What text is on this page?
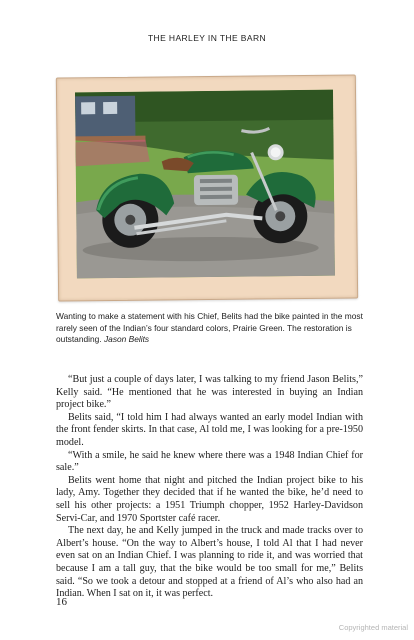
THE HARLEY IN THE BARN
Wanting to make a statement with his Chief, Belits had the bike painted in the most rarely seen of the Indian’s four standard colors, Prairie Green. The restoration is outstanding. Jason Belits

“But just a couple of days later, I was talking to my friend Jason Belits,” Kelly said. “He mentioned that he was interested in buying an Indian project bike.”

Belits said, “I told him I had always wanted an early model Indian with the front fender skirts. In that case, Al told me, I was looking for a pre-1950 model.

“With a smile, he said he knew where there was a 1948 Indian Chief for sale.”

Belits went home that night and pitched the Indian project bike to his lady, Amy. Together they decided that if he wanted the bike, he’d need to sell his other projects: a 1951 Triumph chopper, 1952 Harley-Davidson Servi-Car, and 1970 Sportster café racer.

The next day, he and Kelly jumped in the truck and made tracks over to Albert’s house. “On the way to Albert’s house, I told Al that I had never even sat on an Indian Chief. I was planning to ride it, and was worried that because I am a tall guy, that the bike would be too small for me,” Belits said. “So we took a detour and stopped at a friend of Al’s who also had an Indian. When I sat on it, it was perfect.

16
Copyrighted material
